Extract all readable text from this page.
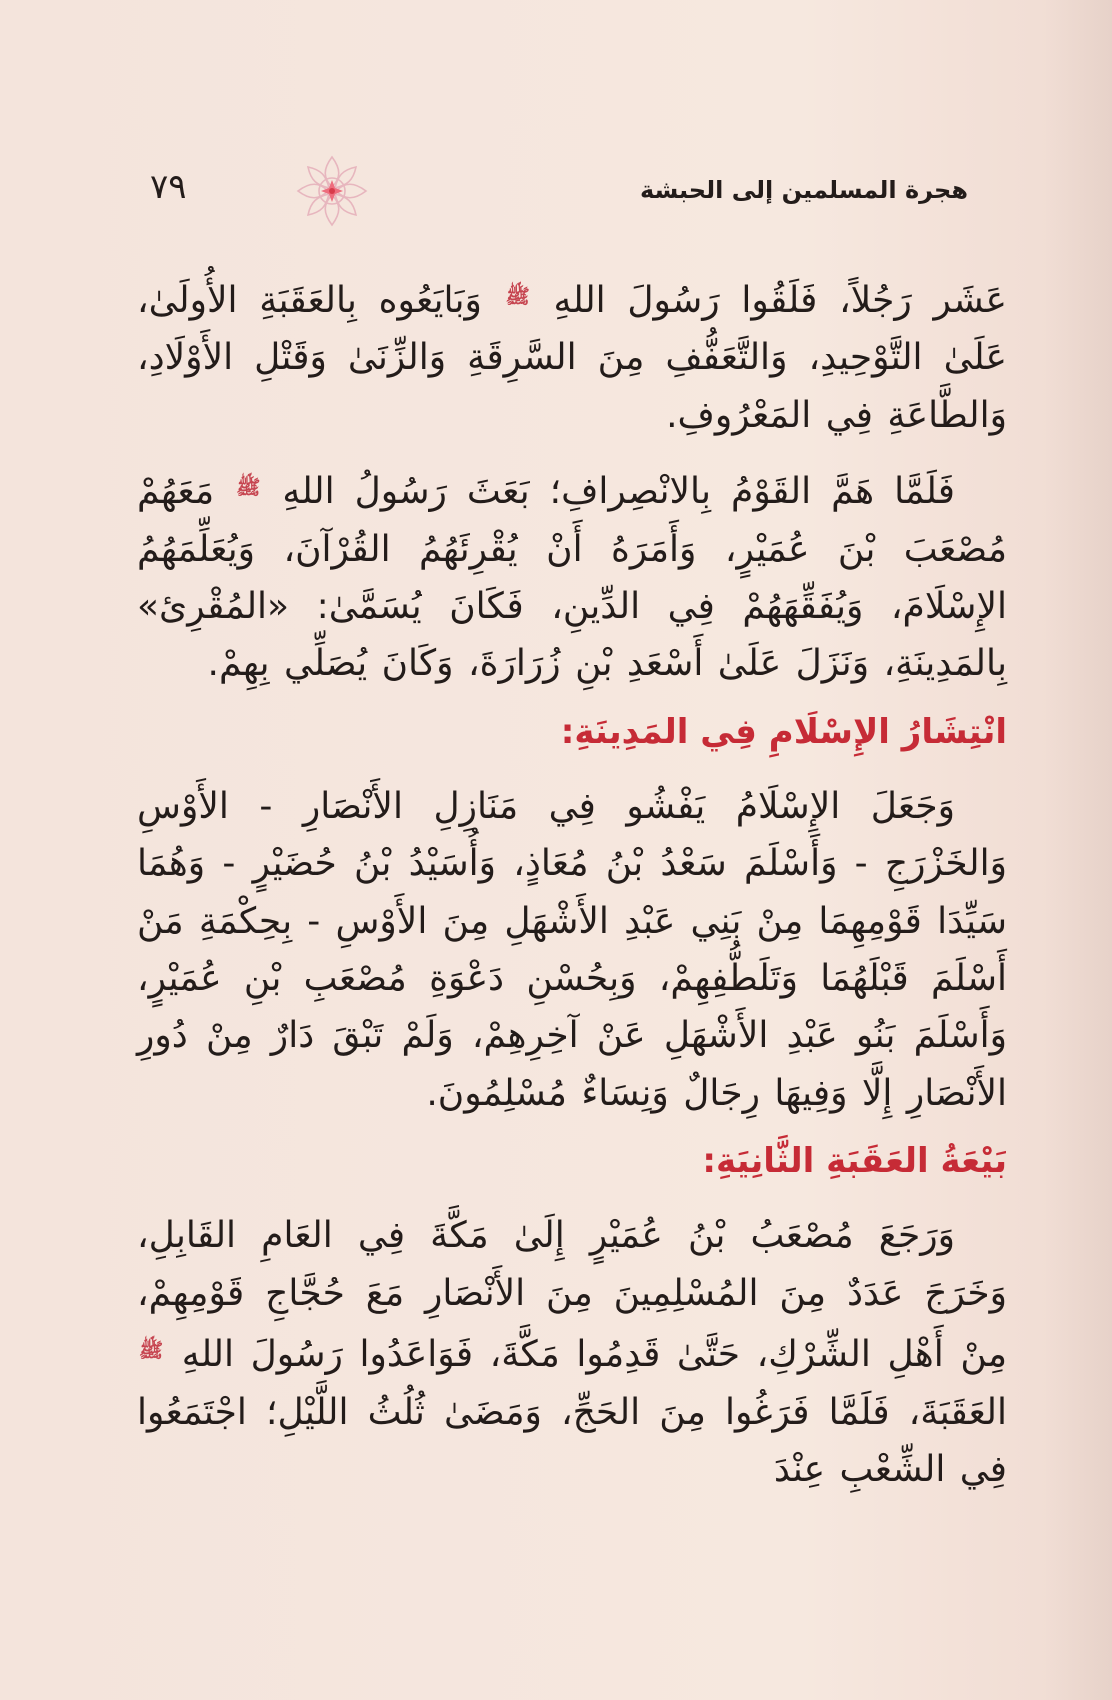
هجرة المسلمين إلى الحبشة
٧٩

عَشَر رَجُلاً، فَلَقُوا رَسُولَ اللهِ $^ﷺ$ وَبَايَعُوه بِالعَقَبَةِ الأُولَىٰ، عَلَىٰ التَّوْحِيدِ، وَالتَّعَفُّفِ مِنَ السَّرِقَةِ وَالزِّنَىٰ وَقَتْلِ الأَوْلَادِ، وَالطَّاعَةِ فِي المَعْرُوفِ.

فَلَمَّا هَمَّ القَوْمُ بِالانْصِرافِ؛ بَعَثَ رَسُولُ اللهِ $^ﷺ$ مَعَهُمْ مُصْعَبَ بْنَ عُمَيْرٍ، وَأَمَرَهُ أَنْ يُقْرِئَهُمُ القُرْآنَ، وَيُعَلِّمَهُمُ الإِسْلَامَ، وَيُفَقِّهَهُمْ فِي الدِّينِ، فَكَانَ يُسَمَّىٰ: «المُقْرِئ» بِالمَدِينَةِ، وَنَزَلَ عَلَىٰ أَسْعَدِ بْنِ زُرَارَةَ، وَكَانَ يُصَلِّي بِهِمْ.

انْتِشَارُ الإِسْلَامِ فِي المَدِينَةِ:

وَجَعَلَ الإِسْلَامُ يَفْشُو فِي مَنَازِلِ الأَنْصَارِ - الأَوْسِ وَالخَزْرَجِ - وَأَسْلَمَ سَعْدُ بْنُ مُعَاذٍ، وَأُسَيْدُ بْنُ حُضَيْرٍ - وَهُمَا سَيِّدَا قَوْمِهِمَا مِنْ بَنِي عَبْدِ الأَشْهَلِ مِنَ الأَوْسِ - بِحِكْمَةِ مَنْ أَسْلَمَ قَبْلَهُمَا وَتَلَطُّفِهِمْ، وَبِحُسْنِ دَعْوَةِ مُصْعَبِ بْنِ عُمَيْرٍ، وَأَسْلَمَ بَنُو عَبْدِ الأَشْهَلِ عَنْ آخِرِهِمْ، وَلَمْ تَبْقَ دَارٌ مِنْ دُورِ الأَنْصَارِ إِلَّا وَفِيهَا رِجَالٌ وَنِسَاءٌ مُسْلِمُونَ.

بَيْعَةُ العَقَبَةِ الثَّانِيَةِ:

وَرَجَعَ مُصْعَبُ بْنُ عُمَيْرٍ إِلَىٰ مَكَّةَ فِي العَامِ القَابِلِ، وَخَرَجَ عَدَدٌ مِنَ المُسْلِمِينَ مِنَ الأَنْصَارِ مَعَ حُجَّاجِ قَوْمِهِمْ، مِنْ أَهْلِ الشِّرْكِ، حَتَّىٰ قَدِمُوا مَكَّةَ، فَوَاعَدُوا رَسُولَ اللهِ $^ﷺ$ العَقَبَةَ، فَلَمَّا فَرَغُوا مِنَ الحَجِّ، وَمَضَىٰ ثُلُثُ اللَّيْلِ؛ اجْتَمَعُوا فِي الشِّعْبِ عِنْدَ
